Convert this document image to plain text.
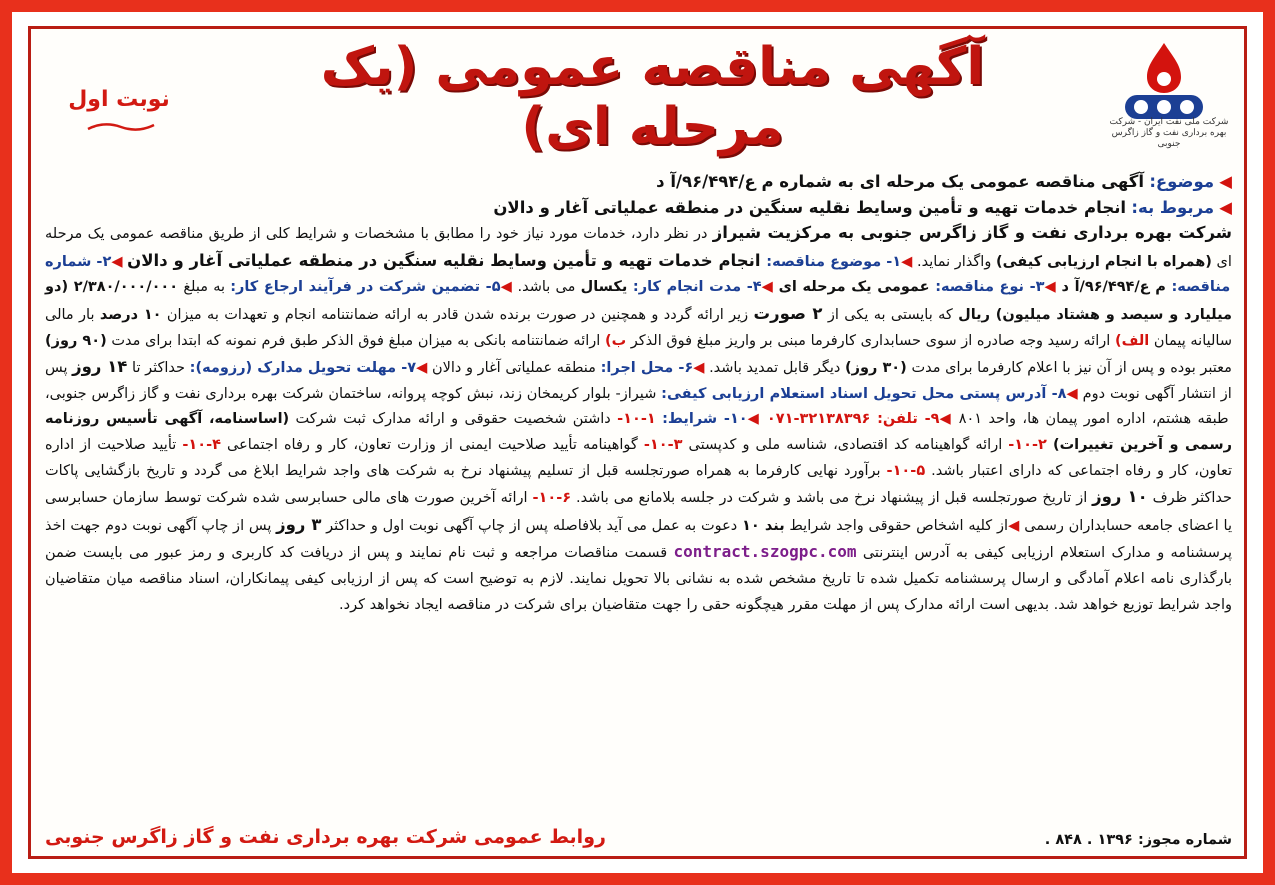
آگهی مناقصه عمومی (یک مرحله ای)
نوبت اول
شرکت ملی نفت ایران - شرکت بهره برداری نفت و گاز زاگرس جنوبی
◀ موضوع: آگهی مناقصه عمومی یک مرحله ای به شماره م ع/۹۶/۴۹۴/آ د
◀ مربوط به: انجام خدمات تهیه و تأمین وسایط نقلیه سنگین در منطقه عملیاتی آغار و دالان
شرکت بهره برداری نفت و گاز زاگرس جنوبی به مرکزیت شیراز در نظر دارد، خدمات مورد نیاز خود را مطابق با مشخصات و شرایط کلی از طریق مناقصه عمومی یک مرحله ای (همراه با انجام ارزیابی کیفی) واگذار نماید. ◀۱- موضوع مناقصه: انجام خدمات تهیه و تأمین وسایط نقلیه سنگین در منطقه عملیاتی آغار و دالان ◀۲- شماره مناقصه: م ع/۹۶/۴۹۴/آ د ◀۳- نوع مناقصه: عمومی یک مرحله ای ◀۴- مدت انجام کار: یکسال می باشد. ◀۵- تضمین شرکت در فرآیند ارجاع کار: به مبلغ ۲/۳۸۰/۰۰۰/۰۰۰ (دو میلیارد و سیصد و هشتاد میلیون) ریال که بایستی به یکی از ۲ صورت زیر ارائه گردد و همچنین در صورت برنده شدن قادر به ارائه ضمانتنامه انجام و تعهدات به میزان ۱۰ درصد بار مالی سالیانه پیمان الف) ارائه رسید وجه صادره از سوی حسابداری کارفرما مبنی بر واریز مبلغ فوق الذکر ب) ارائه ضمانتنامه بانکی به میزان مبلغ فوق الذکر طبق فرم نمونه که ابتدا برای مدت (۹۰ روز) معتبر بوده و پس از آن نیز با اعلام کارفرما برای مدت (۳۰ روز) دیگر قابل تمدید باشد. ◀۶- محل اجرا: منطقه عملیاتی آغار و دالان ◀۷- مهلت تحویل مدارک (رزومه): حداکثر تا ۱۴ روز پس از انتشار آگهی نوبت دوم ◀۸- آدرس پستی محل تحویل اسناد استعلام ارزیابی کیفی: شیراز- بلوار کریمخان زند، نبش کوچه پروانه، ساختمان شرکت بهره برداری نفت و گاز زاگرس جنوبی، طبقه هشتم، اداره امور پیمان ها، واحد ۸۰۱ ◀۹- تلفن: ۳۲۱۳۸۳۹۶-۰۷۱ ◀۱۰- شرایط: ۱-۱۰- داشتن شخصیت حقوقی و ارائه مدارک ثبت شرکت (اساسنامه، آگهی تأسیس روزنامه رسمی و آخرین تغییرات) ۲-۱۰- ارائه گواهینامه کد اقتصادی، شناسه ملی و کدپستی ۳-۱۰- گواهینامه تأیید صلاحیت ایمنی از وزارت تعاون، کار و رفاه اجتماعی ۴-۱۰- تأیید صلاحیت از اداره تعاون، کار و رفاه اجتماعی که دارای اعتبار باشد. ۵-۱۰- برآورد نهایی کارفرما به همراه صورتجلسه قبل از تسلیم پیشنهاد نرخ به شرکت های واجد شرایط ابلاغ می گردد و تاریخ بازگشایی پاکات حداکثر ظرف ۱۰ روز از تاریخ صورتجلسه قبل از پیشنهاد نرخ می باشد و شرکت در جلسه بلامانع می باشد. ۶-۱۰- ارائه آخرین صورت های مالی حسابرسی شده شرکت توسط سازمان حسابرسی یا اعضای جامعه حسابداران رسمی ◀از کلیه اشخاص حقوقی واجد شرایط بند ۱۰ دعوت به عمل می آید بلافاصله پس از چاپ آگهی نوبت اول و حداکثر ۳ روز پس از چاپ آگهی نوبت دوم جهت اخذ پرسشنامه و مدارک استعلام ارزیابی کیفی به آدرس اینترنتی contract.szogpc.com قسمت مناقصات مراجعه و ثبت نام نمایند و پس از دریافت کد کاربری و رمز عبور می بایست ضمن بارگذاری نامه اعلام آمادگی و ارسال پرسشنامه تکمیل شده تا تاریخ مشخص شده به نشانی بالا تحویل نمایند. لازم به توضیح است که پس از ارزیابی کیفی پیمانکاران، اسناد مناقصه میان متقاضیان واجد شرایط توزیع خواهد شد. بدیهی است ارائه مدارک پس از مهلت مقرر هیچگونه حقی را جهت متقاضیان برای شرکت در مناقصه ایجاد نخواهد کرد.
شماره مجوز: ۱۳۹۶ . ۸۴۸ .
روابط عمومی شرکت بهره برداری نفت و گاز زاگرس جنوبی
